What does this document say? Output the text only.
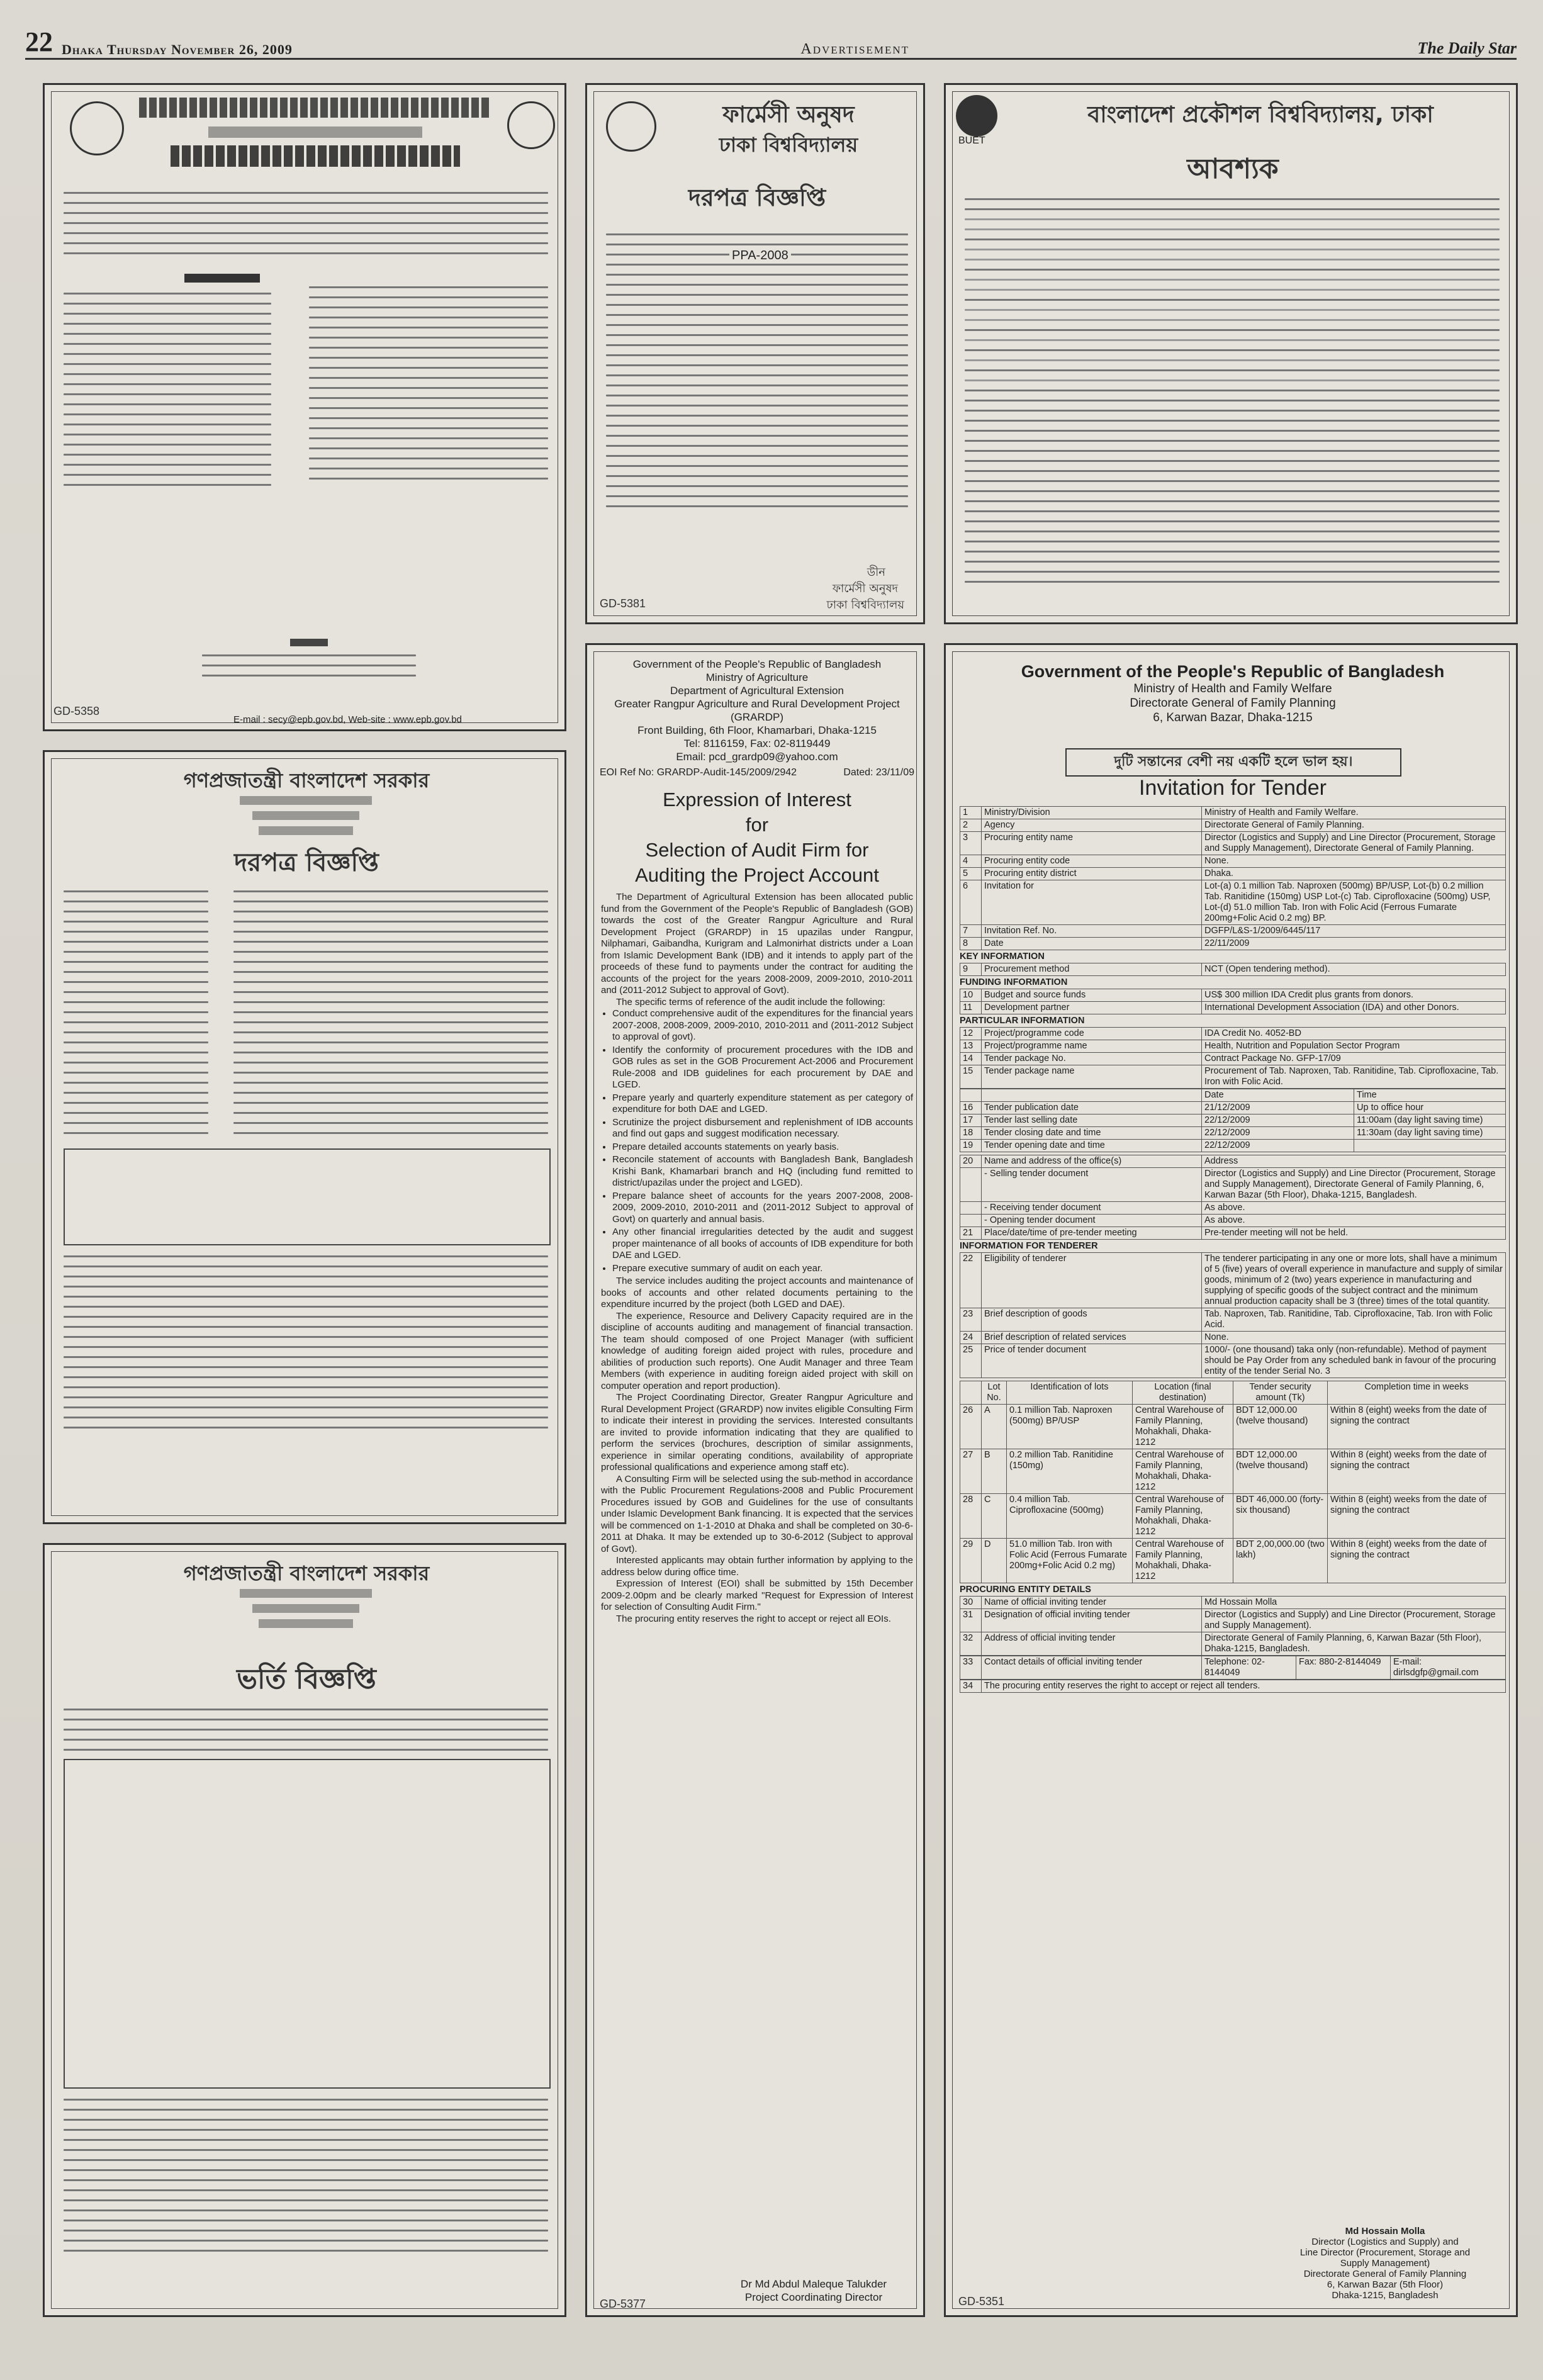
22 Dhaka Thursday November 26, 2009	Advertisement	The Daily Star
GD-5358
E-mail : secy@epb.gov.bd, Web-site : www.epb.gov.bd
ফার্মেসী অনুষদ
ঢাকা বিশ্ববিদ্যালয়
দরপত্র বিজ্ঞপ্তি
PPA-2008
ডীন
ফার্মেসী অনুষদ
ঢাকা বিশ্ববিদ্যালয়
GD-5381
BUET
বাংলাদেশ প্রকৌশল বিশ্ববিদ্যালয়, ঢাকা
আবশ্যক
গণপ্রজাতন্ত্রী বাংলাদেশ সরকার
দরপত্র বিজ্ঞপ্তি
গণপ্রজাতন্ত্রী বাংলাদেশ সরকার
ভর্তি বিজ্ঞপ্তি
Government of the People's Republic of Bangladesh
Ministry of Agriculture
Department of Agricultural Extension
Greater Rangpur Agriculture and Rural Development Project
(GRARDP)
Front Building, 6th Floor, Khamarbari, Dhaka-1215
Tel: 8116159, Fax: 02-8119449
Email: pcd_grardp09@yahoo.com
EOI Ref No: GRARDP-Audit-145/2009/2942	Dated: 23/11/09
Expression of Interest
for
Selection of Audit Firm for
Auditing the Project Account
The Department of Agricultural Extension has been allocated public fund from the Government of the People's Republic of Bangladesh (GOB) towards the cost of the Greater Rangpur Agriculture and Rural Development Project (GRARDP) in 15 upazilas under Rangpur, Nilphamari, Gaibandha, Kurigram and Lalmonirhat districts under a Loan from Islamic Development Bank (IDB) and it intends to apply part of the proceeds of these fund to payments under the contract for auditing the accounts of the project for the years 2008-2009, 2009-2010, 2010-2011 and (2011-2012 Subject to approval of Govt).
The specific terms of reference of the audit include the following:
• Conduct comprehensive audit of the expenditures for the financial years 2007-2008, 2008-2009, 2009-2010, 2010-2011 and (2011-2012 Subject to approval of govt).
• Identify the conformity of procurement procedures with the IDB and GOB rules as set in the GOB Procurement Act-2006 and Procurement Rule-2008 and IDB guidelines for each procurement by DAE and LGED.
• Prepare yearly and quarterly expenditure statement as per category of expenditure for both DAE and LGED.
• Scrutinize the project disbursement and replenishment of IDB accounts and find out gaps and suggest modification necessary.
• Prepare detailed accounts statements on yearly basis.
• Reconcile statement of accounts with Bangladesh Bank, Bangladesh Krishi Bank, Khamarbari branch and HQ (including fund remitted to district/upazilas under the project and LGED).
• Prepare balance sheet of accounts for the years 2007-2008, 2008-2009, 2009-2010, 2010-2011 and (2011-2012 Subject to approval of Govt) on quarterly and annual basis.
• Any other financial irregularities detected by the audit and suggest proper maintenance of all books of accounts of IDB expenditure for both DAE and LGED.
• Prepare executive summary of audit on each year.
The service includes auditing the project accounts and maintenance of books of accounts and other related documents pertaining to the expenditure incurred by the project (both LGED and DAE).
The experience, Resource and Delivery Capacity required are in the discipline of accounts auditing and management of financial transaction. The team should composed of one Project Manager (with sufficient knowledge of auditing foreign aided project with rules, procedure and abilities of production such reports). One Audit Manager and three Team Members (with experience in auditing foreign aided project with skill on computer operation and report production).
The Project Coordinating Director, Greater Rangpur Agriculture and Rural Development Project (GRARDP) now invites eligible Consulting Firm to indicate their interest in providing the services. Interested consultants are invited to provide information indicating that they are qualified to perform the services (brochures, description of similar assignments, experience in similar operating conditions, availability of appropriate professional qualifications and experience among staff etc).
A Consulting Firm will be selected using the sub-method in accordance with the Public Procurement Regulations-2008 and Public Procurement Procedures issued by GOB and Guidelines for the use of consultants under Islamic Development Bank financing. It is expected that the services will be commenced on 1-1-2010 at Dhaka and shall be completed on 30-6-2011 at Dhaka. It may be extended up to 30-6-2012 (Subject to approval of Govt).
Interested applicants may obtain further information by applying to the address below during office time.
Expression of Interest (EOI) shall be submitted by 15th December 2009-2.00pm and be clearly marked "Request for Expression of Interest for selection of Consulting Audit Firm."
The procuring entity reserves the right to accept or reject all EOIs.
GD-5377
Dr Md Abdul Maleque Talukder
Project Coordinating Director
Government of the People's Republic of Bangladesh
Ministry of Health and Family Welfare
Directorate General of Family Planning
6, Karwan Bazar, Dhaka-1215
দুটি সন্তানের বেশী নয় একটি হলে ভাল হয়।
Invitation for Tender
1	Ministry/Division	Ministry of Health and Family Welfare.
2	Agency	Directorate General of Family Planning.
3	Procuring entity name	Director (Logistics and Supply) and Line Director (Procurement, Storage and Supply Management), Directorate General of Family Planning.
4	Procuring entity code	None.
5	Procuring entity district	Dhaka.
6	Invitation for	Lot-(a) 0.1 million Tab. Naproxen (500mg) BP/USP, Lot-(b) 0.2 million Tab. Ranitidine (150mg) USP Lot-(c) Tab. Ciprofloxacine (500mg) USP, Lot-(d) 51.0 million Tab. Iron with Folic Acid (Ferrous Fumarate 200mg+Folic Acid 0.2 mg) BP.
7	Invitation Ref. No.	DGFP/L&S-1/2009/6445/117
8	Date	22/11/2009
KEY INFORMATION
9	Procurement method	NCT (Open tendering method).
FUNDING INFORMATION
10	Budget and source funds	US$ 300 million IDA Credit plus grants from donors.
11	Development partner	International Development Association (IDA) and other Donors.
PARTICULAR INFORMATION
12	Project/programme code	IDA Credit No. 4052-BD
13	Project/programme name	Health, Nutrition and Population Sector Program
14	Tender package No.	Contract Package No. GFP-17/09
15	Tender package name	Procurement of Tab. Naproxen, Tab. Ranitidine, Tab. Ciprofloxacine, Tab. Iron with Folic Acid.
		Date	Time
16	Tender publication date	21/12/2009	Up to office hour
17	Tender last selling date	22/12/2009	11:00am (day light saving time)
18	Tender closing date and time	22/12/2009	11:30am (day light saving time)
19	Tender opening date and time	22/12/2009	
20	Name and address of the office(s)	Address
	- Selling tender document	Director (Logistics and Supply) and Line Director (Procurement, Storage and Supply Management), Directorate General of Family Planning, 6, Karwan Bazar (5th Floor), Dhaka-1215, Bangladesh.
	- Receiving tender document	As above.
	- Opening tender document	As above.
21	Place/date/time of pre-tender meeting	Pre-tender meeting will not be held.
INFORMATION FOR TENDERER
22	Eligibility of tenderer	The tenderer participating in any one or more lots, shall have a minimum of 5 (five) years of overall experience in manufacture and supply of similar goods, minimum of 2 (two) years experience in manufacturing and supplying of specific goods of the subject contract and the minimum annual production capacity shall be 3 (three) times of the total quantity.
23	Brief description of goods	Tab. Naproxen, Tab. Ranitidine, Tab. Ciprofloxacine, Tab. Iron with Folic Acid.
24	Brief description of related services	None.
25	Price of tender document	1000/- (one thousand) taka only (non-refundable). Method of payment should be Pay Order from any scheduled bank in favour of the procuring entity of the tender Serial No. 3
	Lot No.	Identification of lots	Location (final destination)	Tender security amount (Tk)	Completion time in weeks
26	A	0.1 million Tab. Naproxen (500mg) BP/USP	Central Warehouse of Family Planning, Mohakhali, Dhaka-1212	BDT 12,000.00 (twelve thousand)	Within 8 (eight) weeks from the date of signing the contract
27	B	0.2 million Tab. Ranitidine (150mg)	Central Warehouse of Family Planning, Mohakhali, Dhaka-1212	BDT 12,000.00 (twelve thousand)	Within 8 (eight) weeks from the date of signing the contract
28	C	0.4 million Tab. Ciprofloxacine (500mg)	Central Warehouse of Family Planning, Mohakhali, Dhaka-1212	BDT 46,000.00 (forty-six thousand)	Within 8 (eight) weeks from the date of signing the contract
29	D	51.0 million Tab. Iron with Folic Acid (Ferrous Fumarate 200mg+Folic Acid 0.2 mg)	Central Warehouse of Family Planning, Mohakhali, Dhaka-1212	BDT 2,00,000.00 (two lakh)	Within 8 (eight) weeks from the date of signing the contract
PROCURING ENTITY DETAILS
30	Name of official inviting tender	Md Hossain Molla
31	Designation of official inviting tender	Director (Logistics and Supply) and Line Director (Procurement, Storage and Supply Management).
32	Address of official inviting tender	Directorate General of Family Planning, 6, Karwan Bazar (5th Floor), Dhaka-1215, Bangladesh.
33	Contact details of official inviting tender	Telephone: 02-8144049	Fax: 880-2-8144049	E-mail: dirlsdgfp@gmail.com
34	The procuring entity reserves the right to accept or reject all tenders.
Md Hossain Molla
Director (Logistics and Supply) and
Line Director (Procurement, Storage and
Supply Management)
Directorate General of Family Planning
6, Karwan Bazar (5th Floor)
Dhaka-1215, Bangladesh
GD-5351
